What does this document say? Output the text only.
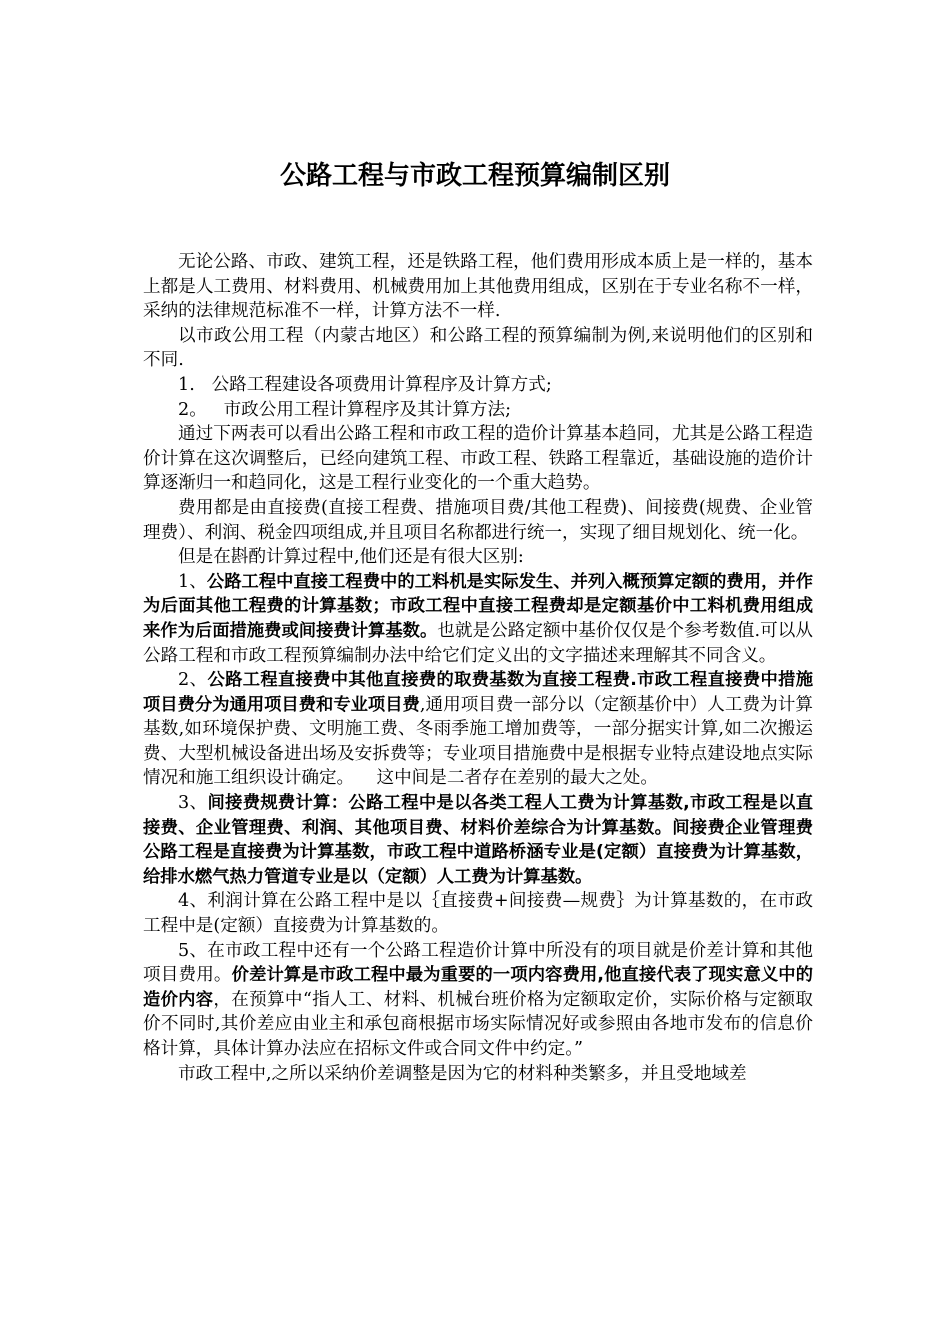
公路工程与市政工程预算编制区别

无论公路、市政、建筑工程，还是铁路工程，他们费用形成本质上是一样的，基本上都是人工费用、材料费用、机械费用加上其他费用组成，区别在于专业名称不一样，采纳的法律规范标准不一样，计算方法不一样.

以市政公用工程（内蒙古地区）和公路工程的预算编制为例,来说明他们的区别和不同.

1.   公路工程建设各项费用计算程序及计算方式;

2。   市政公用工程计算程序及其计算方法;

通过下两表可以看出公路工程和市政工程的造价计算基本趋同，尤其是公路工程造价计算在这次调整后，已经向建筑工程、市政工程、铁路工程靠近，基础设施的造价计算逐渐归一和趋同化，这是工程行业变化的一个重大趋势。

费用都是由直接费(直接工程费、措施项目费/其他工程费)、间接费(规费、企业管理费）、利润、税金四项组成,并且项目名称都进行统一，实现了细目规划化、统一化。

但是在斟酌计算过程中,他们还是有很大区别:

1、公路工程中直接工程费中的工料机是实际发生、并列入概预算定额的费用，并作为后面其他工程费的计算基数；市政工程中直接工程费却是定额基价中工料机费用组成来作为后面措施费或间接费计算基数。也就是公路定额中基价仅仅是个参考数值.可以从公路工程和市政工程预算编制办法中给它们定义出的文字描述来理解其不同含义。

2、公路工程直接费中其他直接费的取费基数为直接工程费.市政工程直接费中措施项目费分为通用项目费和专业项目费,通用项目费一部分以（定额基价中）人工费为计算基数,如环境保护费、文明施工费、冬雨季施工增加费等，一部分据实计算,如二次搬运费、大型机械设备进出场及安拆费等；专业项目措施费中是根据专业特点建设地点实际情况和施工组织设计确定。    这中间是二者存在差别的最大之处。

3、间接费规费计算：公路工程中是以各类工程人工费为计算基数,市政工程是以直接费、企业管理费、利润、其他项目费、材料价差综合为计算基数。间接费企业管理费公路工程是直接费为计算基数，市政工程中道路桥涵专业是(定额）直接费为计算基数，给排水燃气热力管道专业是以（定额）人工费为计算基数。

4、利润计算在公路工程中是以｛直接费+间接费—规费｝为计算基数的，在市政工程中是(定额）直接费为计算基数的。

5、在市政工程中还有一个公路工程造价计算中所没有的项目就是价差计算和其他项目费用。价差计算是市政工程中最为重要的一项内容费用,他直接代表了现实意义中的造价内容，在预算中“指人工、材料、机械台班价格为定额取定价，实际价格与定额取价不同时,其价差应由业主和承包商根据市场实际情况好或参照由各地市发布的信息价格计算，具体计算办法应在招标文件或合同文件中约定。”

市政工程中,之所以采纳价差调整是因为它的材料种类繁多，并且受地域差
